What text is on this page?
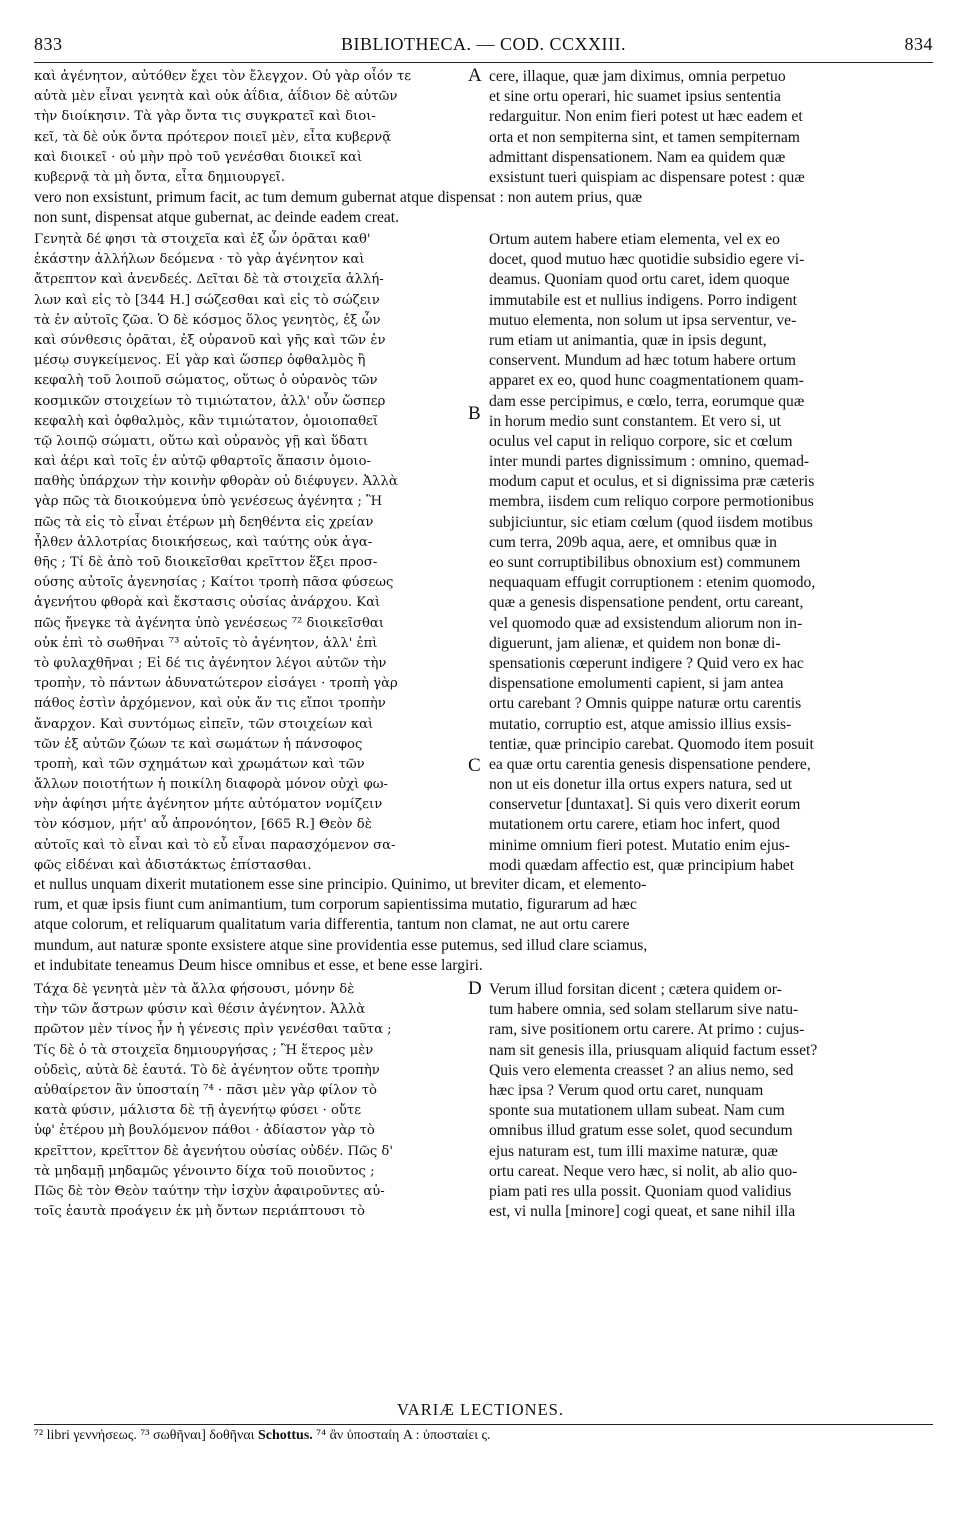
833	BIBLIOTHECA. — COD. CCXXIII.	834
καὶ ἀγένητον, αὐτόθεν ἔχει τὸν ἔλεγχον. Οὐ γὰρ οἷόν τε
αὐτὰ μὲν εἶναι γενητὰ καὶ οὐκ ἀΐδια, ἀΐδιον δὲ αὐτῶν
τὴν διοίκησιν. Τὰ γὰρ ὄντα τις συγκρατεῖ καὶ διοι-
κεῖ, τὰ δὲ οὐκ ὄντα πρότερον ποιεῖ μὲν, εἶτα κυβερνᾷ
καὶ διοικεῖ · οὐ μὴν πρὸ τοῦ γενέσθαι διοικεῖ καὶ
κυβερνᾷ τὰ μὴ ὄντα, εἶτα δημιουργεῖ.
A cere, illaque, quæ jam diximus, omnia perpetuo
et sine ortu operari, hic suamet ipsius sententia
redarguitur. Non enim fieri potest ut hæc eadem et
orta et non sempiterna sint, et tamen sempiternam
admittant dispensationem. Nam ea quidem quæ
exsistunt tueri quispiam ac dispensare potest : quæ
vero non exsistunt, primum facit, ac tum demum gubernat atque dispensat : non autem prius, quæ
non sunt, dispensat atque gubernat, ac deinde eadem creat.
Γενητὰ δέ φησι τὰ στοιχεῖα καὶ ἐξ ὧν ὁρᾶται καθ'
ἑκάστην ἀλλήλων δεόμενα · τὸ γὰρ ἀγένητον καὶ
ἄτρεπτον καὶ ἀνενδεές. Δεῖται δὲ τὰ στοιχεῖα ἀλλή-
λων καὶ εἰς τὸ [344 H.] σώζεσθαι καὶ εἰς τὸ σώζειν
τὰ ἐν αὐτοῖς ζῶα. Ὁ δὲ κόσμος ὅλος γενητὸς, ἐξ ὧν
καὶ σύνθεσις ὁρᾶται, ἐξ οὐρανοῦ καὶ γῆς καὶ τῶν ἐν
μέσῳ συγκείμενος. Εἰ γὰρ καὶ ὥσπερ ὀφθαλμὸς ἢ
κεφαλὴ τοῦ λοιποῦ σώματος, οὕτως ὁ οὐρανὸς τῶν
κοσμικῶν στοιχείων τὸ τιμιώτατον, ἀλλ' οὖν ὥσπερ
κεφαλὴ καὶ ὀφθαλμὸς, κἂν τιμιώτατον, ὁμοιοπαθεῖ
τῷ λοιπῷ σώματι, οὕτω καὶ οὐρανὸς γῇ καὶ ὕδατι
καὶ ἀέρι καὶ τοῖς ἐν αὐτῷ φθαρτοῖς ἅπασιν ὁμοιο-
παθὴς ὑπάρχων τὴν κοινὴν φθορὰν οὐ διέφυγεν. Ἀλλὰ
γὰρ πῶς τὰ διοικούμενα ὑπὸ γενέσεως ἀγένητα ; Ἢ
πῶς τὰ εἰς τὸ εἶναι ἑτέρων μὴ δεηθέντα εἰς χρείαν
ἦλθεν ἀλλοτρίας διοικήσεως, καὶ ταύτης οὐκ ἀγα-
θῆς ; Τί δὲ ἀπὸ τοῦ διοικεῖσθαι κρεῖττον ἕξει προσ-
ούσης αὐτοῖς ἀγενησίας ; Καίτοι τροπὴ πᾶσα φύσεως
ἀγενήτου φθορὰ καὶ ἔκστασις οὐσίας ἀνάρχου. Καὶ
πῶς ἤνεγκε τὰ ἀγένητα ὑπὸ γενέσεως ⁷² διοικεῖσθαι
οὐκ ἐπὶ τὸ σωθῆναι ⁷³ αὐτοῖς τὸ ἀγένητον, ἀλλ' ἐπὶ
τὸ φυλαχθῆναι ; Εἰ δέ τις ἀγένητον λέγοι αὐτῶν τὴν
τροπὴν, τὸ πάντων ἀδυνατώτερον εἰσάγει · τροπὴ γὰρ
πάθος ἐστὶν ἀρχόμενον, καὶ οὐκ ἄν τις εἴποι τροπὴν
ἄναρχον. Καὶ συντόμως εἰπεῖν, τῶν στοιχείων καὶ
τῶν ἐξ αὐτῶν ζώων τε καὶ σωμάτων ἡ πάνσοφος
τροπὴ, καὶ τῶν σχημάτων καὶ χρωμάτων καὶ τῶν
ἄλλων ποιοτήτων ἡ ποικίλη διαφορὰ μόνον οὐχὶ φω-
νὴν ἀφίησι μήτε ἀγένητον μήτε αὐτόματον νομίζειν
τὸν κόσμον, μήτ' αὖ ἀπρονόητον, [665 R.] Θεὸν δὲ
αὐτοῖς καὶ τὸ εἶναι καὶ τὸ εὖ εἶναι παρασχόμενον σα-
φῶς εἰδέναι καὶ ἀδιστάκτως ἐπίστασθαι.
B
C
Ortum autem habere etiam elementa, vel ex eo
docet, quod mutuo hæc quotidie subsidio egere vi-
deamus. Quoniam quod ortu caret, idem quoque
immutabile est et nullius indigens. Porro indigent
mutuo elementa, non solum ut ipsa serventur, ve-
rum etiam ut animantia, quæ in ipsis degunt,
conservent. Mundum ad hæc totum habere ortum
apparet ex eo, quod hunc coagmentationem quam-
dam esse percipimus, e cœlo, terra, eorumque quæ
in horum medio sunt constantem. Et vero si, ut
oculus vel caput in reliquo corpore, sic et cœlum
inter mundi partes dignissimum : omnino, quemad-
modum caput et oculus, et si dignissima præ cæteris
membra, iisdem cum reliquo corpore permotionibus
subjiciuntur, sic etiam cœlum (quod iisdem motibus
cum terra, 209b aqua, aere, et omnibus quæ in
eo sunt corruptibilibus obnoxium est) communem
nequaquam effugit corruptionem : etenim quomodo,
quæ a genesis dispensatione pendent, ortu careant,
vel quomodo quæ ad exsistendum aliorum non in-
diguerunt, jam alienæ, et quidem non bonæ di-
spensationis cœperunt indigere ? Quid vero ex hac
dispensatione emolumenti capient, si jam antea
ortu carebant ? Omnis quippe naturæ ortu carentis
mutatio, corruptio est, atque amissio illius exsis-
tentiæ, quæ principio carebat. Quomodo item posuit
ea quæ ortu carentia genesis dispensatione pendere,
non ut eis donetur illa ortus expers natura, sed ut
conservetur [duntaxat]. Si quis vero dixerit eorum
mutationem ortu carere, etiam hoc infert, quod
minime omnium fieri potest. Mutatio enim ejus-
modi quædam affectio est, quæ principium habet
et nullus unquam dixerit mutationem esse sine principio. Quinimo, ut breviter dicam, et elemento-
rum, et quæ ipsis fiunt cum animantium, tum corporum sapientissima mutatio, figurarum ad hæc
atque colorum, et reliquarum qualitatum varia differentia, tantum non clamat, ne aut ortu carere
mundum, aut naturæ sponte exsistere atque sine providentia esse putemus, sed illud clare sciamus,
et indubitate teneamus Deum hisce omnibus et esse, et bene esse largiri.
Τάχα δὲ γενητὰ μὲν τὰ ἄλλα φήσουσι, μόνην δὲ
τὴν τῶν ἄστρων φύσιν καὶ θέσιν ἀγένητον. Ἀλλὰ
πρῶτον μὲν τίνος ἦν ἡ γένεσις πρὶν γενέσθαι ταῦτα ;
Τίς δὲ ὁ τὰ στοιχεῖα δημιουργήσας ; Ἢ ἕτερος μὲν
οὐδεὶς, αὐτὰ δὲ ἑαυτά. Τὸ δὲ ἀγένητον οὔτε τροπὴν
αὐθαίρετον ἂν ὑποσταίη ⁷⁴ · πᾶσι μὲν γὰρ φίλον τὸ
κατὰ φύσιν, μάλιστα δὲ τῇ ἀγενήτῳ φύσει · οὔτε
ὑφ' ἑτέρου μὴ βουλόμενον πάθοι · ἀδίαστον γὰρ τὸ
κρεῖττον, κρεῖττον δὲ ἀγενήτου οὐσίας οὐδέν. Πῶς δ'
τὰ μηδαμῇ μηδαμῶς γένοιντο δίχα τοῦ ποιοῦντος ;
Πῶς δὲ τὸν Θεὸν ταύτην τὴν ἰσχὺν ἀφαιροῦντες αὐ-
τοῖς ἑαυτὰ προάγειν ἐκ μὴ ὄντων περιάπτουσι τὸ
D Verum illud forsitan dicent ; cætera quidem or-
tum habere omnia, sed solam stellarum sive natu-
ram, sive positionem ortu carere. At primo : cujus-
nam sit genesis illa, priusquam aliquid factum esset?
Quis vero elementa creasset ? an alius nemo, sed
hæc ipsa ? Verum quod ortu caret, nunquam
sponte sua mutationem ullam subeat. Nam cum
omnibus illud gratum esse solet, quod secundum
ejus naturam est, tum illi maxime naturæ, quæ
ortu careat. Neque vero hæc, si nolit, ab alio quo-
piam pati res ulla possit. Quoniam quod validius
est, vi nulla [minore] cogi queat, et sane nihil illa
VARIÆ LECTIONES.
⁷² libri γεννήσεως. ⁷³ σωθῆναι] δοθῆναι Schottus. ⁷⁴ ἂν ὑποσταίη A : ὑποσταίει ς.
